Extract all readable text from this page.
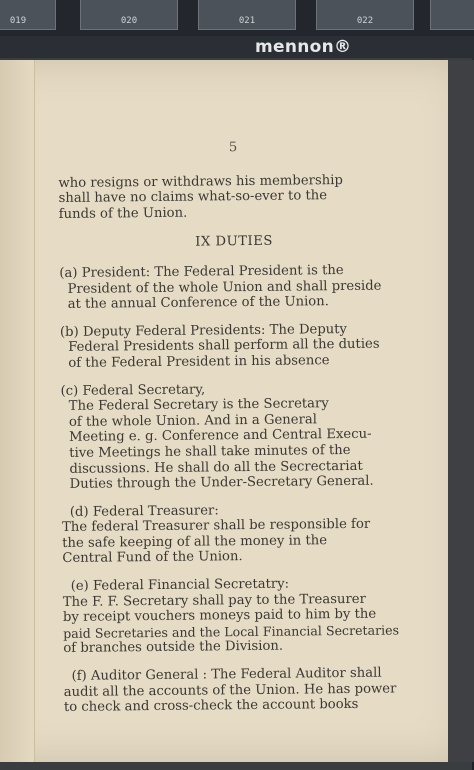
019	020	021	022
mennon®
5
who resigns or withdraws his membership
shall have no claims what-so-ever to the
funds of the Union.
IX DUTIES
(a) President: The Federal President is the
President of the whole Union and shall preside
at the annual Conference of the Union.
(b) Deputy Federal Presidents: The Deputy
Federal Presidents shall perform all the duties
of the Federal President in his absence
(c) Federal Secretary,
The Federal Secretary is the Secretary
of the whole Union. And in a General
Meeting e. g. Conference and Central Execu-
tive Meetings he shall take minutes of the
discussions. He shall do all the Secrectariat
Duties through the Under-Secretary General.
(d) Federal Treasurer:
The federal Treasurer shall be responsible for
the safe keeping of all the money in the
Central Fund of the Union.
(e) Federal Financial Secretatry:
The F. F. Secretary shall pay to the Treasurer
by receipt vouchers moneys paid to him by the
paid Secretaries and the Local Financial Secretaries
of branches outside the Division.
(f) Auditor General : The Federal Auditor shall
audit all the accounts of the Union. He has power
to check and cross-check the account books
